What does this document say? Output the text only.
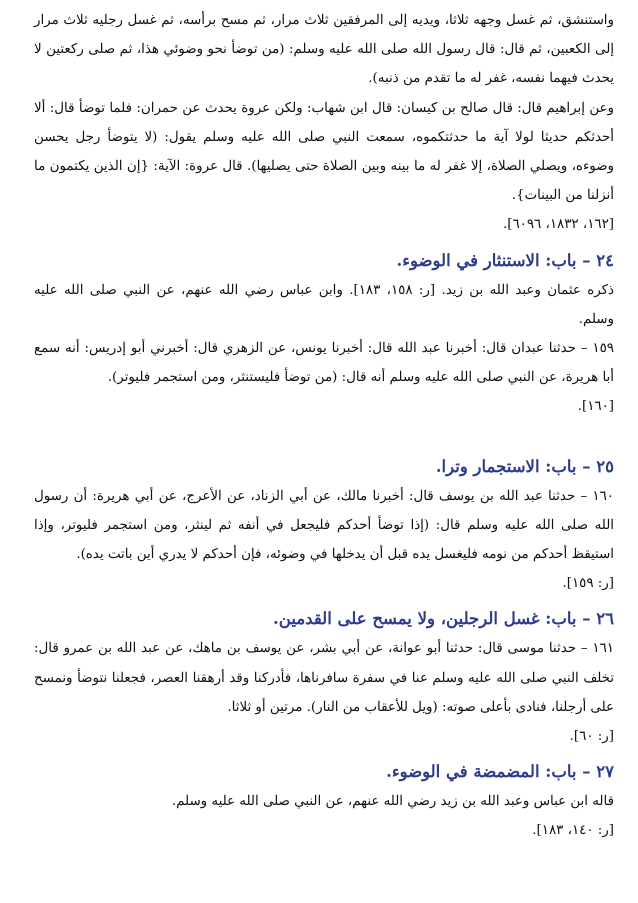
واستنشق، ثم غسل وجهه ثلاثا، ويديه إلى المرفقين ثلاث مرار، ثم مسح برأسه، ثم غسل رجليه ثلاث مرار إلى الكعبين، ثم قال: قال رسول الله صلى الله عليه وسلم: (من توضأ نحو وضوئي هذا، ثم صلى ركعتين لا يحدث فيهما نفسه، غفر له ما تقدم من ذنبه).

وعن إبراهيم قال: قال صالح بن كيسان: قال ابن شهاب: ولكن عروة يحدث عن حمران: فلما توضأ قال: ألا أحدثكم حديثا لولا آية ما حدثتكموه، سمعت النبي صلى الله عليه وسلم يقول: (لا يتوضأ رجل يحسن وضوءه، ويصلي الصلاة، إلا غفر له ما بينه وبين الصلاة حتى يصليها). قال عروة: الآية: {إن الذين يكتمون ما أنزلنا من البينات}.

[١٦٢، ١٨٣٢، ٦٠٩٦].

٢٤ – باب: الاستنثار في الوضوء.

ذكره عثمان وعبد الله بن زيد. [ر: ١٥٨، ١٨٣]. وابن عباس رضي الله عنهم، عن النبي صلى الله عليه وسلم.

١٥٩ – حدثنا عبدان قال: أخبرنا عبد الله قال: أخبرنا يونس، عن الزهري قال: أخبرني أبو إدريس: أنه سمع أبا هريرة، عن النبي صلى الله عليه وسلم أنه قال: (من توضأ فليستنثر، ومن استجمر فليوتر).

[١٦٠].

٢٥ – باب: الاستجمار وترا.

١٦٠ – حدثنا عبد الله بن يوسف قال: أخبرنا مالك، عن أبي الزناد، عن الأعرج، عن أبي هريرة: أن رسول الله صلى الله عليه وسلم قال: (إذا توضأ أحدكم فليجعل في أنفه ثم لينثر، ومن استجمر فليوتر، وإذا استيقظ أحدكم من نومه فليغسل يده قبل أن يدخلها في وضوئه، فإن أحدكم لا يدري أين باتت يده).

[ر: ١٥٩].

٢٦ – باب: غسل الرجلين، ولا يمسح على القدمين.

١٦١ – حدثنا موسى قال: حدثنا أبو عوانة، عن أبي بشر، عن يوسف بن ماهك، عن عبد الله بن عمرو قال: تخلف النبي صلى الله عليه وسلم عنا في سفرة سافرناها، فأدركنا وقد أرهقنا العصر، فجعلنا نتوضأ ونمسح على أرجلنا، فنادى بأعلى صوته: (ويل للأعقاب من النار). مرتين أو ثلاثا.

[ر: ٦٠].

٢٧ – باب: المضمضة في الوضوء.

قاله ابن عباس وعبد الله بن زيد رضي الله عنهم، عن النبي صلى الله عليه وسلم.

[ر: ١٤٠، ١٨٣].
